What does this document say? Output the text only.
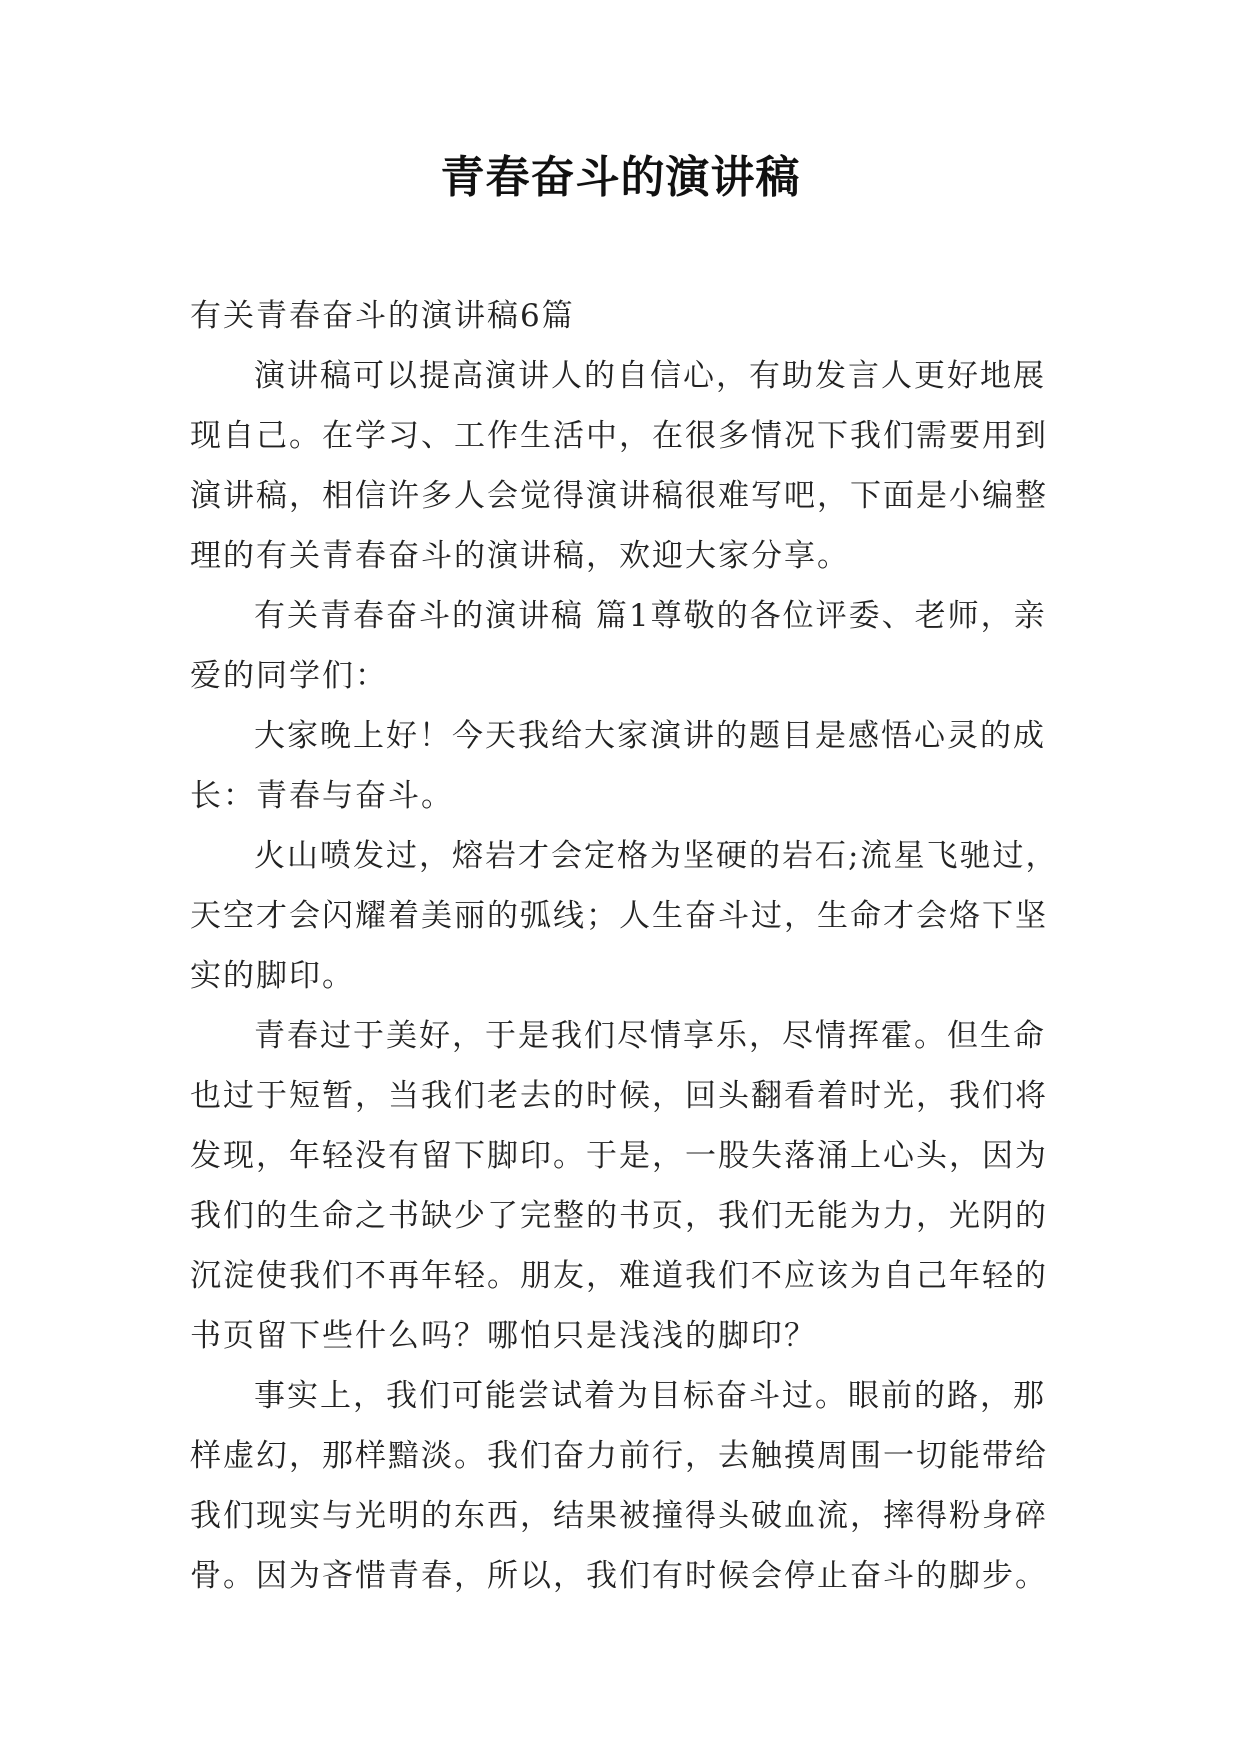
青春奋斗的演讲稿

有关青春奋斗的演讲稿6篇

演讲稿可以提高演讲人的自信心，有助发言人更好地展现自己。在学习、工作生活中，在很多情况下我们需要用到演讲稿，相信许多人会觉得演讲稿很难写吧，下面是小编整理的有关青春奋斗的演讲稿，欢迎大家分享。

有关青春奋斗的演讲稿 篇1尊敬的各位评委、老师，亲爱的同学们：

大家晚上好！今天我给大家演讲的题目是感悟心灵的成长：青春与奋斗。

火山喷发过，熔岩才会定格为坚硬的岩石;流星飞驰过，天空才会闪耀着美丽的弧线；人生奋斗过，生命才会烙下坚实的脚印。

青春过于美好，于是我们尽情享乐，尽情挥霍。但生命也过于短暂，当我们老去的时候，回头翻看着时光，我们将发现，年轻没有留下脚印。于是，一股失落涌上心头，因为我们的生命之书缺少了完整的书页，我们无能为力，光阴的沉淀使我们不再年轻。朋友，难道我们不应该为自己年轻的书页留下些什么吗？哪怕只是浅浅的脚印？

事实上，我们可能尝试着为目标奋斗过。眼前的路，那样虚幻，那样黯淡。我们奋力前行，去触摸周围一切能带给我们现实与光明的东西，结果被撞得头破血流，摔得粉身碎骨。因为吝惜青春，所以，我们有时候会停止奋斗的脚步。
